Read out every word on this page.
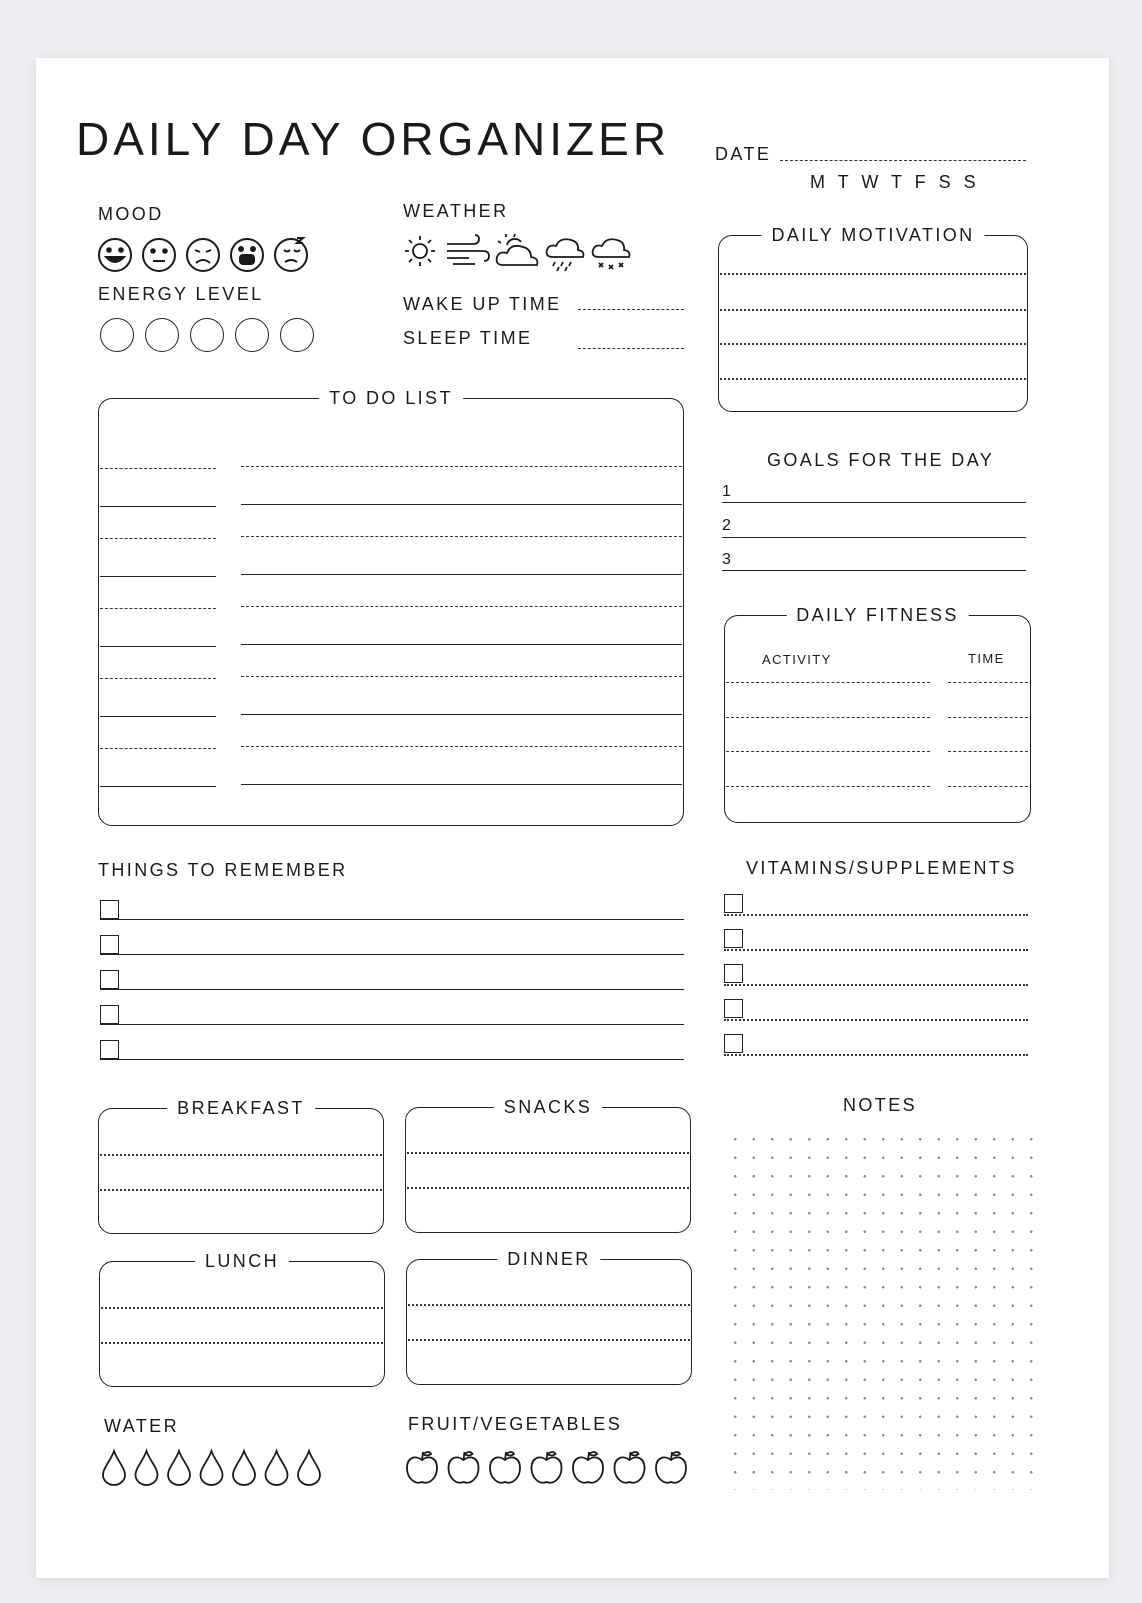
DAILY DAY ORGANIZER DATE
M T W T F S S
MOOD
ENERGY LEVEL
WEATHER
WAKE UP TIME
SLEEP TIME
DAILY MOTIVATION
TO DO LIST
GOALS FOR THE DAY
1
2
3
DAILY FITNESS
ACTIVITY	TIME
THINGS TO REMEMBER	VITAMINS/SUPPLEMENTS
BREAKFAST	SNACKS
LUNCH	DINNER
NOTES
WATER	FRUIT/VEGETABLES
